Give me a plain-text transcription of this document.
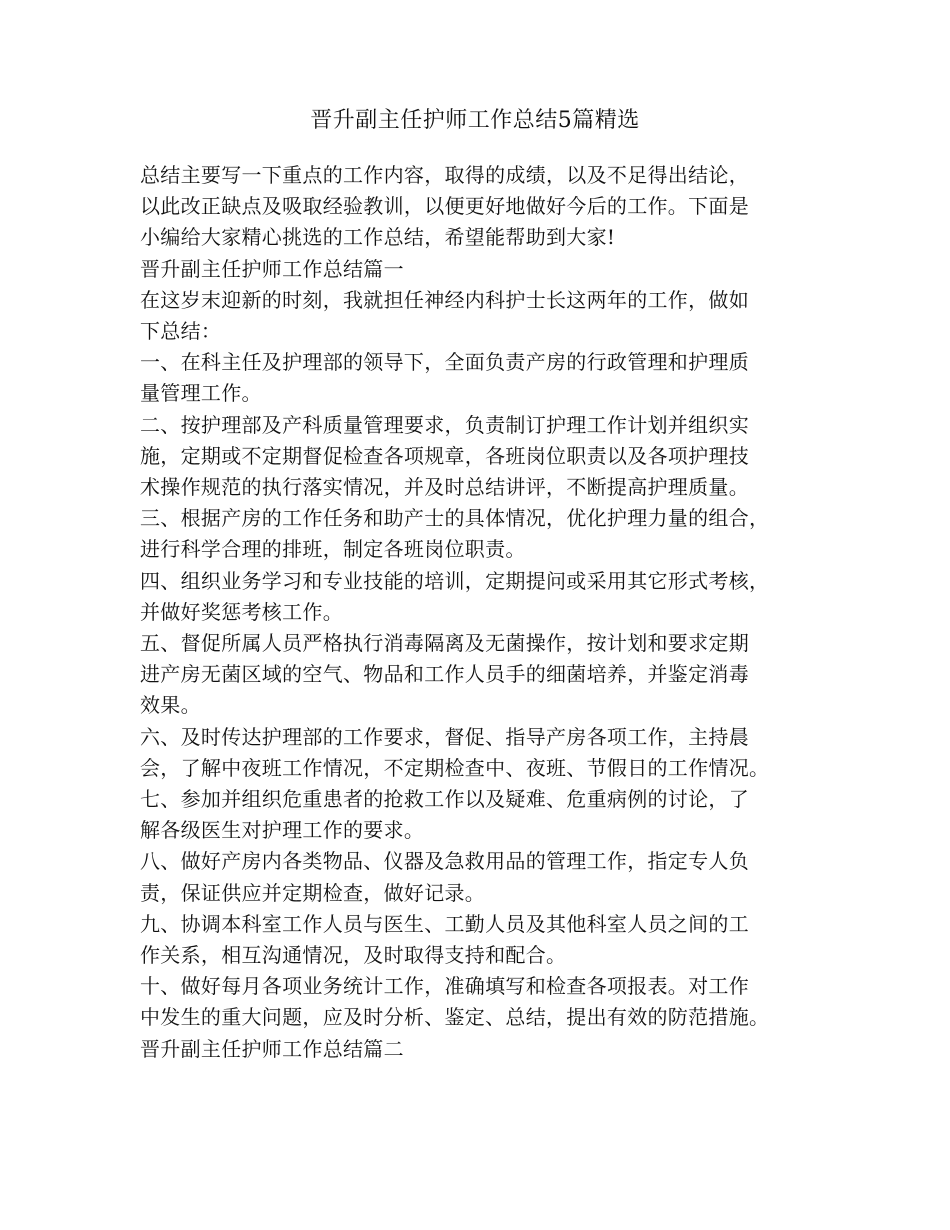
晋升副主任护师工作总结5篇精选
总结主要写一下重点的工作内容，取得的成绩，以及不足得出结论，
以此改正缺点及吸取经验教训，以便更好地做好今后的工作。下面是
小编给大家精心挑选的工作总结，希望能帮助到大家!
晋升副主任护师工作总结篇一
在这岁末迎新的时刻，我就担任神经内科护士长这两年的工作，做如
下总结：
一、在科主任及护理部的领导下，全面负责产房的行政管理和护理质
量管理工作。
二、按护理部及产科质量管理要求，负责制订护理工作计划并组织实
施，定期或不定期督促检查各项规章，各班岗位职责以及各项护理技
术操作规范的执行落实情况，并及时总结讲评，不断提高护理质量。
三、根据产房的工作任务和助产士的具体情况，优化护理力量的组合，
进行科学合理的排班，制定各班岗位职责。
四、组织业务学习和专业技能的培训，定期提问或采用其它形式考核，
并做好奖惩考核工作。
五、督促所属人员严格执行消毒隔离及无菌操作，按计划和要求定期
进产房无菌区域的空气、物品和工作人员手的细菌培养，并鉴定消毒
效果。
六、及时传达护理部的工作要求，督促、指导产房各项工作，主持晨
会，了解中夜班工作情况，不定期检查中、夜班、节假日的工作情况。
七、参加并组织危重患者的抢救工作以及疑难、危重病例的讨论，了
解各级医生对护理工作的要求。
八、做好产房内各类物品、仪器及急救用品的管理工作，指定专人负
责，保证供应并定期检查，做好记录。
九、协调本科室工作人员与医生、工勤人员及其他科室人员之间的工
作关系，相互沟通情况，及时取得支持和配合。
十、做好每月各项业务统计工作，准确填写和检查各项报表。对工作
中发生的重大问题，应及时分析、鉴定、总结，提出有效的防范措施。
晋升副主任护师工作总结篇二
